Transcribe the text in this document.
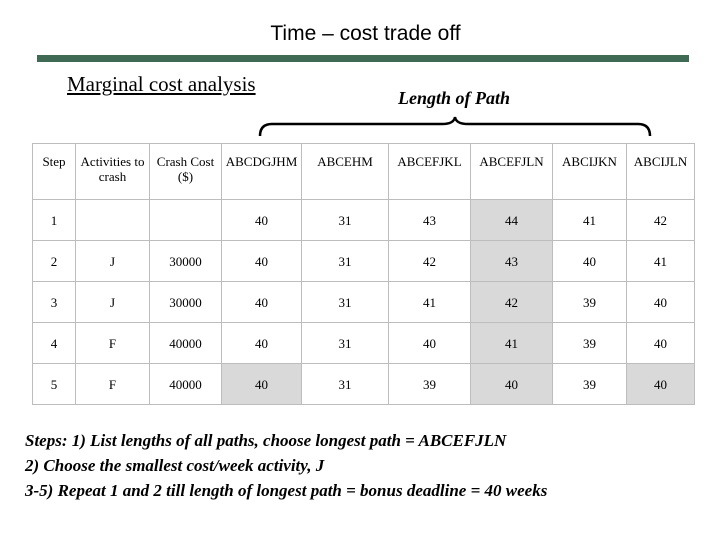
Time – cost trade off
Marginal cost analysis
Length of Path
Step	Activities to crash	Crash Cost ($)	ABCDGJHM	ABCEHM	ABCEFJKL	ABCEFJLN	ABCIJKN	ABCIJLN
1			40	31	43	44	41	42
2	J	30000	40	31	42	43	40	41
3	J	30000	40	31	41	42	39	40
4	F	40000	40	31	40	41	39	40
5	F	40000	40	31	39	40	39	40
Steps: 1) List lengths of all paths, choose longest path = ABCEFJLN
2) Choose the smallest cost/week activity, J
3-5) Repeat 1 and 2 till length of longest path = bonus deadline = 40 weeks
